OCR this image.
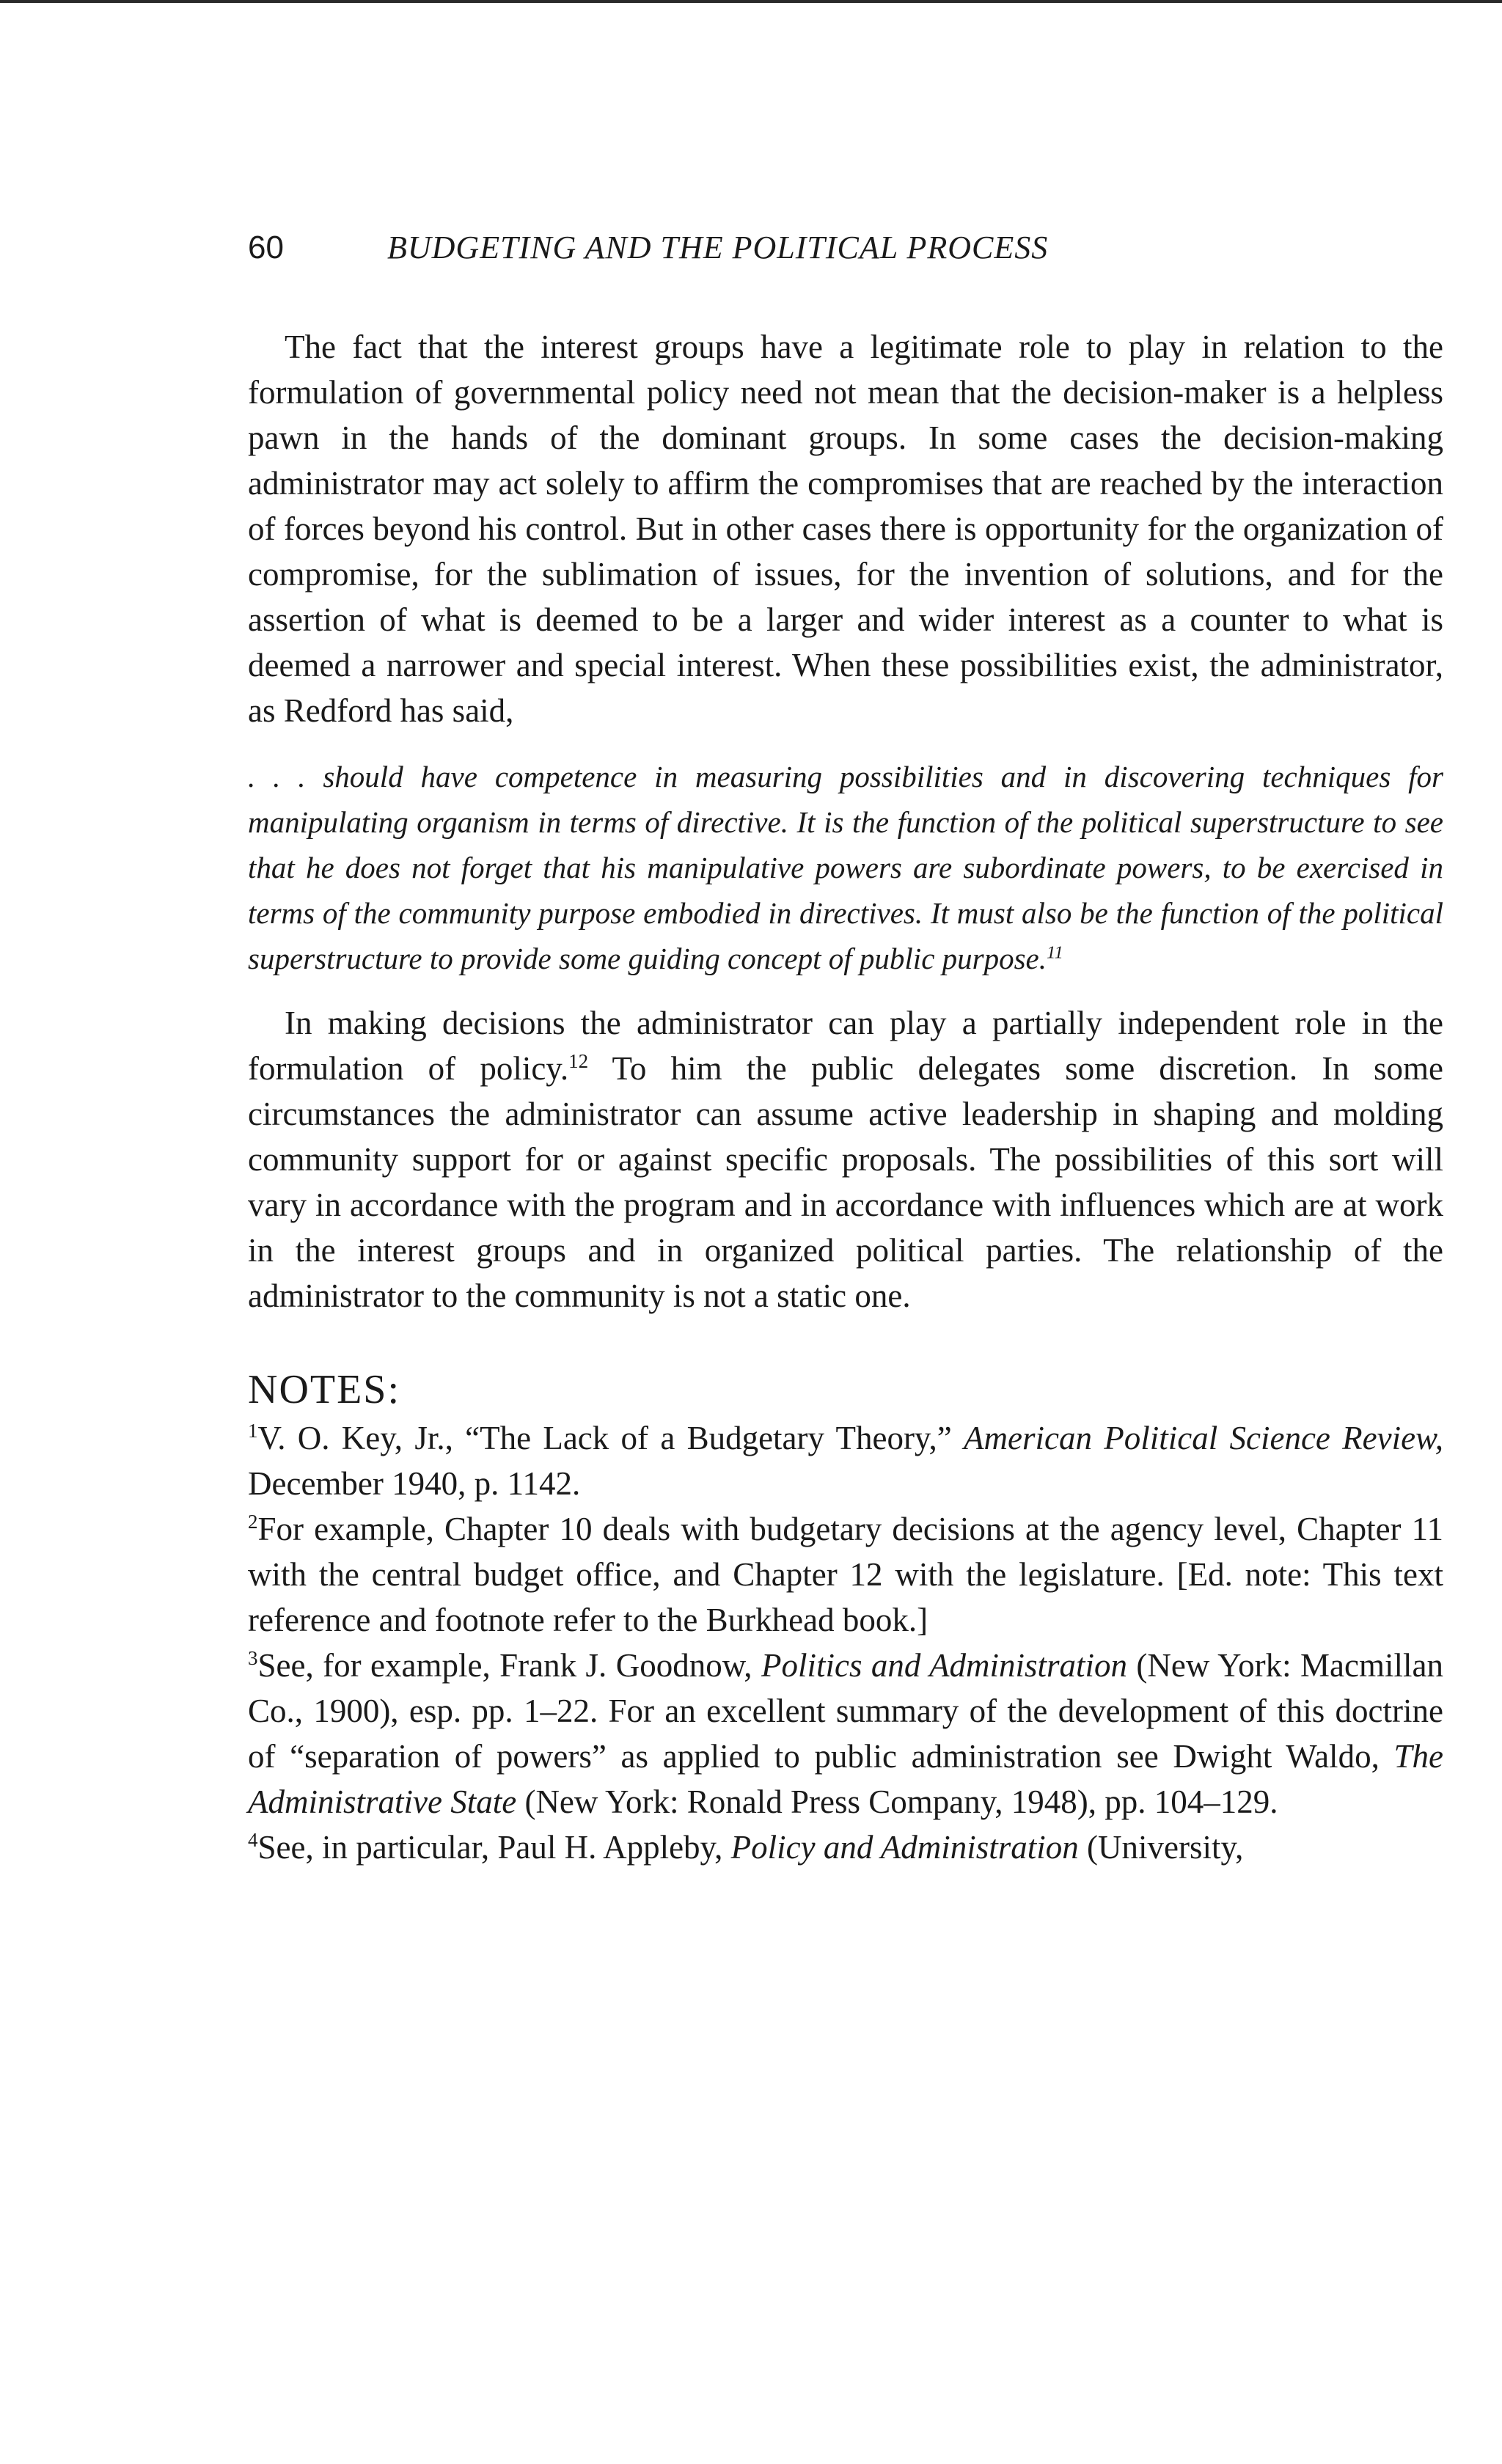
60	BUDGETING AND THE POLITICAL PROCESS

The fact that the interest groups have a legitimate role to play in relation to the formulation of governmental policy need not mean that the decision-maker is a helpless pawn in the hands of the dominant groups. In some cases the decision-making administrator may act solely to affirm the compromises that are reached by the interaction of forces beyond his control. But in other cases there is opportunity for the organization of compromise, for the sublimation of issues, for the invention of solutions, and for the assertion of what is deemed to be a larger and wider interest as a counter to what is deemed a narrower and special interest. When these possibilities exist, the administrator, as Redford has said,

. . . should have competence in measuring possibilities and in discovering techniques for manipulating organism in terms of directive. It is the function of the political superstructure to see that he does not forget that his manipulative powers are subordinate powers, to be exercised in terms of the community purpose embodied in directives. It must also be the function of the political superstructure to provide some guiding concept of public purpose.$^{11}$

In making decisions the administrator can play a partially independent role in the formulation of policy.$^{12}$ To him the public delegates some discretion. In some circumstances the administrator can assume active leadership in shaping and molding community support for or against specific proposals. The possibilities of this sort will vary in accordance with the program and in accordance with influences which are at work in the interest groups and in organized political parties. The relationship of the administrator to the community is not a static one.

NOTES:

$^1$V. O. Key, Jr., “The Lack of a Budgetary Theory,” American Political Science Review, December 1940, p. 1142.

$^2$For example, Chapter 10 deals with budgetary decisions at the agency level, Chapter 11 with the central budget office, and Chapter 12 with the legislature. [Ed. note: This text reference and footnote refer to the Burkhead book.]

$^3$See, for example, Frank J. Goodnow, Politics and Administration (New York: Macmillan Co., 1900), esp. pp. 1–22. For an excellent summary of the development of this doctrine of “separation of powers” as applied to public administration see Dwight Waldo, The Administrative State (New York: Ronald Press Company, 1948), pp. 104–129.

$^4$See, in particular, Paul H. Appleby, Policy and Administration (University,
